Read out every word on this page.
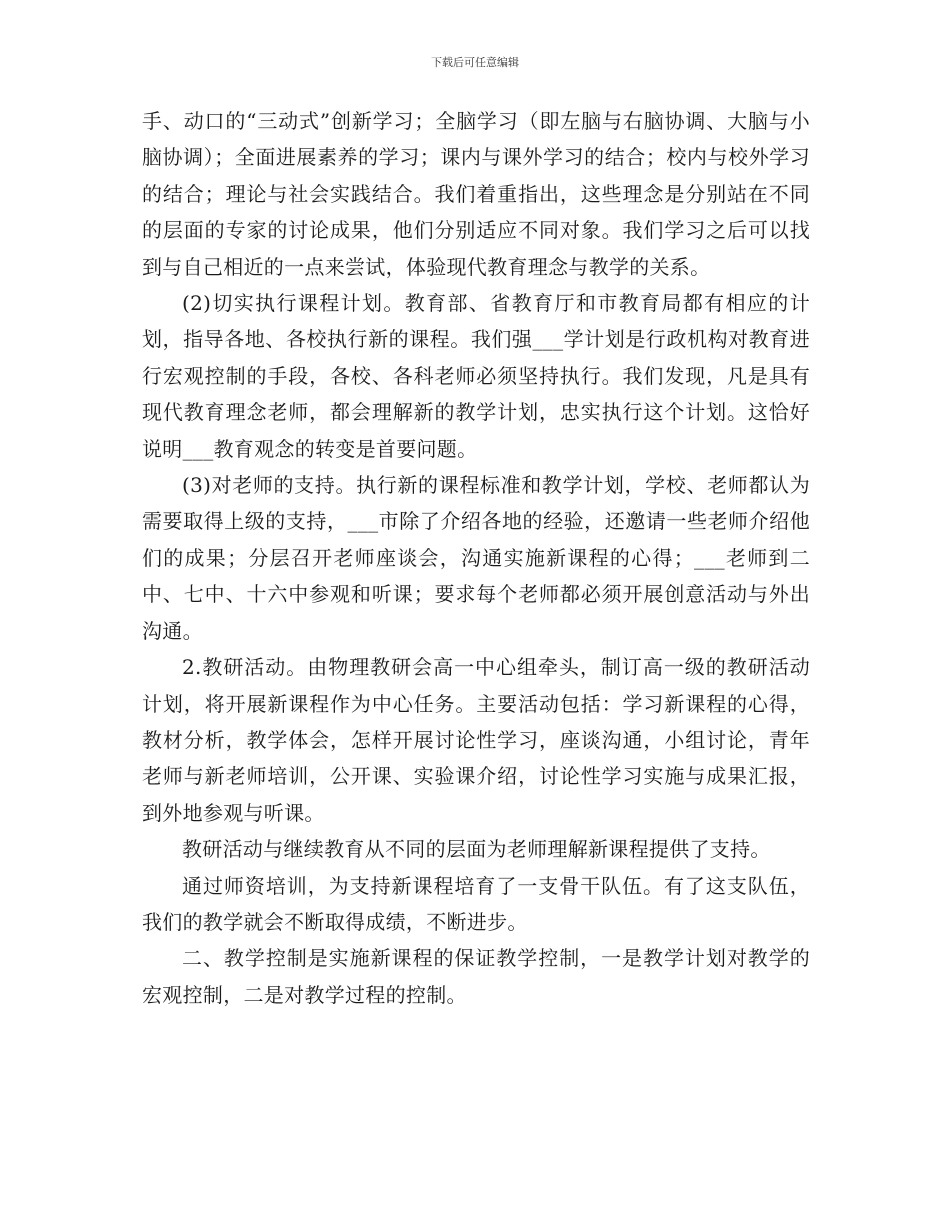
下载后可任意编辑

手、动口的“三动式”创新学习；全脑学习（即左脑与右脑协调、大脑与小脑协调）；全面进展素养的学习；课内与课外学习的结合；校内与校外学习的结合；理论与社会实践结合。我们着重指出，这些理念是分别站在不同的层面的专家的讨论成果，他们分别适应不同对象。我们学习之后可以找到与自己相近的一点来尝试，体验现代教育理念与教学的关系。

(2)切实执行课程计划。教育部、省教育厅和市教育局都有相应的计划，指导各地、各校执行新的课程。我们强___学计划是行政机构对教育进行宏观控制的手段，各校、各科老师必须坚持执行。我们发现，凡是具有现代教育理念老师，都会理解新的教学计划，忠实执行这个计划。这恰好说明___教育观念的转变是首要问题。

(3)对老师的支持。执行新的课程标准和教学计划，学校、老师都认为需要取得上级的支持，___市除了介绍各地的经验，还邀请一些老师介绍他们的成果；分层召开老师座谈会，沟通实施新课程的心得；___老师到二中、七中、十六中参观和听课；要求每个老师都必须开展创意活动与外出沟通。

2.教研活动。由物理教研会高一中心组牵头，制订高一级的教研活动计划，将开展新课程作为中心任务。主要活动包括：学习新课程的心得，教材分析，教学体会，怎样开展讨论性学习，座谈沟通，小组讨论，青年老师与新老师培训，公开课、实验课介绍，讨论性学习实施与成果汇报，到外地参观与听课。

教研活动与继续教育从不同的层面为老师理解新课程提供了支持。

通过师资培训，为支持新课程培育了一支骨干队伍。有了这支队伍，我们的教学就会不断取得成绩，不断进步。

二、教学控制是实施新课程的保证教学控制，一是教学计划对教学的宏观控制，二是对教学过程的控制。
